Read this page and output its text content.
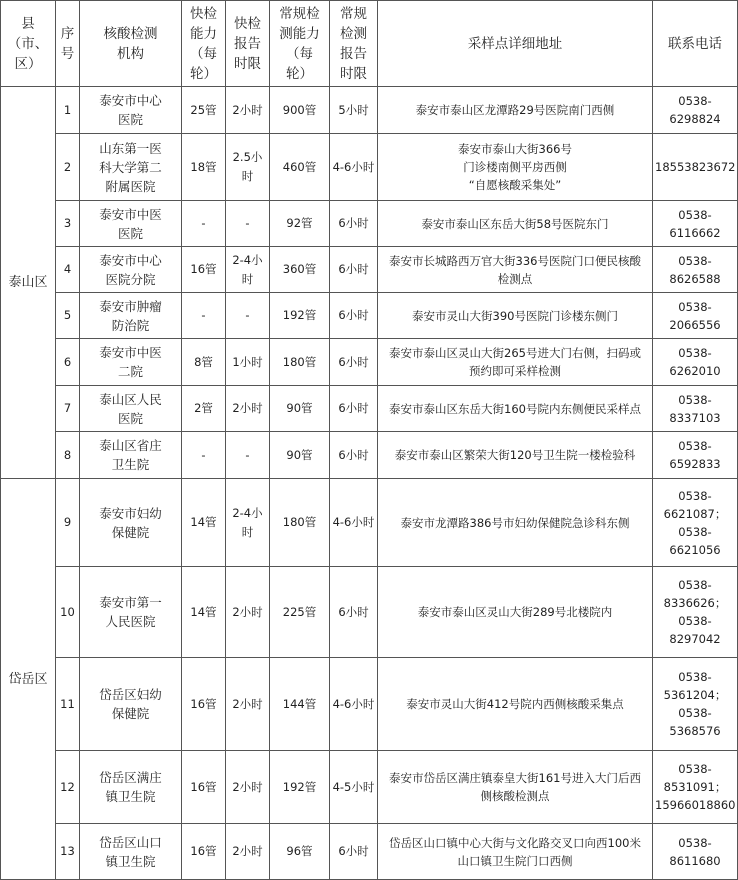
县
（市、
区）	序
号	核酸检测
机构	快检
能力
（每
轮）	快检
报告
时限	常规检
测能力
（每
轮）	常规
检测
报告
时限	采样点详细地址	联系电话
泰山区	1	泰安市中心
医院	25管	2小时	900管	5小时	泰安市泰山区龙潭路29号医院南门西侧	0538-
6298824
	2	山东第一医
科大学第二
附属医院	18管	2.5小
时	460管	4-6小时	泰安市泰山大街366号
门诊楼南侧平房西侧
“自愿核酸采集处”	18553823672
	3	泰安市中医
医院	-	-	92管	6小时	泰安市泰山区东岳大街58号医院东门	0538-
6116662
	4	泰安市中心
医院分院	16管	2-4小
时	360管	6小时	泰安市长城路西万官大街336号医院门口便民核酸
检测点	0538-
8626588
	5	泰安市肿瘤
防治院	-	-	192管	6小时	泰安市灵山大街390号医院门诊楼东侧门	0538-
2066556
	6	泰安市中医
二院	8管	1小时	180管	6小时	泰安市泰山区灵山大街265号进大门右侧，扫码或
预约即可采样检测	0538-
6262010
	7	泰山区人民
医院	2管	2小时	90管	6小时	泰安市泰山区东岳大街160号院内东侧便民采样点	0538-
8337103
	8	泰山区省庄
卫生院	-	-	90管	6小时	泰安市泰山区繁荣大街120号卫生院一楼检验科	0538-
6592833
岱岳区	9	泰安市妇幼
保健院	14管	2-4小
时	180管	4-6小时	泰安市龙潭路386号市妇幼保健院急诊科东侧	0538-
6621087；
0538-
6621056
	10	泰安市第一
人民医院	14管	2小时	225管	6小时	泰安市泰山区灵山大街289号北楼院内	0538-
8336626；
0538-
8297042
	11	岱岳区妇幼
保健院	16管	2小时	144管	4-6小时	泰安市灵山大街412号院内西侧核酸采集点	0538-
5361204；
0538-
5368576
	12	岱岳区满庄
镇卫生院	16管	2小时	192管	4-5小时	泰安市岱岳区满庄镇泰皇大街161号进入大门后西
侧核酸检测点	0538-
8531091；
15966018860
	13	岱岳区山口
镇卫生院	16管	2小时	96管	6小时	岱岳区山口镇中心大街与文化路交叉口向西100米
山口镇卫生院门口西侧	0538-
8611680
